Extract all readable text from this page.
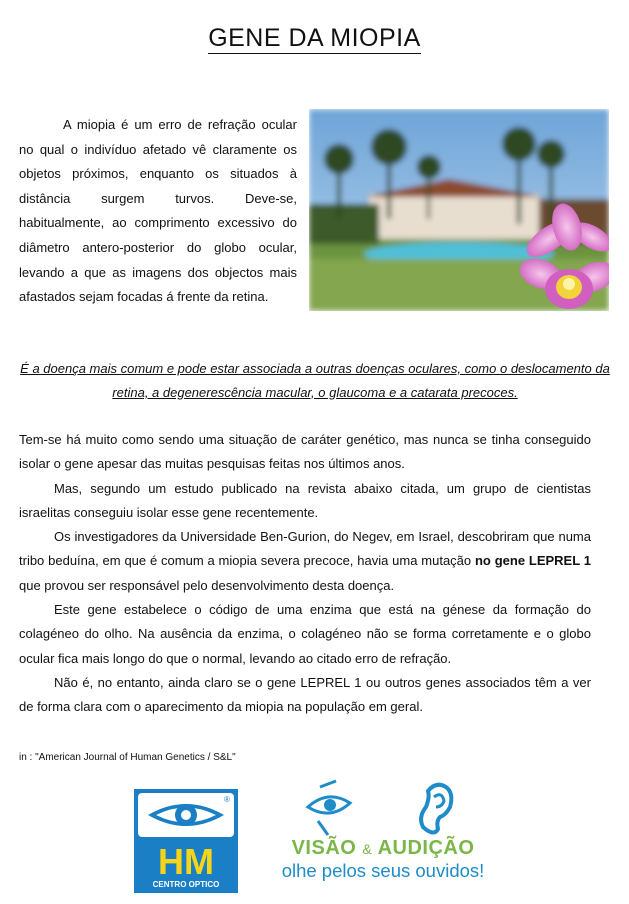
GENE DA MIOPIA

A miopia é um erro de refração ocular no qual o indivíduo afetado vê claramente os objetos próximos, enquanto os situados à distância surgem turvos. Deve-se, habitualmente, ao comprimento excessivo do diâmetro antero-posterior do globo ocular, levando a que as imagens dos objectos mais afastados sejam focadas á frente da retina.

É a doença mais comum e pode estar associada a outras doenças oculares, como o deslocamento da retina, a degenerescência macular, o glaucoma e a catarata precoces.

Tem-se há muito como sendo uma situação de caráter genético, mas nunca se tinha conseguido isolar o gene apesar das muitas pesquisas feitas nos últimos anos.

Mas, segundo um estudo publicado na revista abaixo citada, um grupo de cientistas israelitas conseguiu isolar esse gene recentemente.

Os investigadores da Universidade Ben-Gurion, do Negev, em Israel, descobriram que numa tribo beduína, em que é comum a miopia severa precoce, havia uma mutação no gene LEPREL 1 que provou ser responsável pelo desenvolvimento desta doença.

Este gene estabelece o código de uma enzima que está na génese da formação do colagéneo do olho. Na ausência da enzima, o colagéneo não se forma corretamente e o globo ocular fica mais longo do que o normal, levando ao citado erro de refração.

Não é, no entanto, ainda claro se o gene LEPREL 1 ou outros genes associados têm a ver de forma clara com o aparecimento da miopia na população em geral.

in : "American Journal of Human Genetics / S&L"
®
HM
CENTRO OPTICO
VISÃO & AUDIÇÃO
olhe pelos seus ouvidos!
